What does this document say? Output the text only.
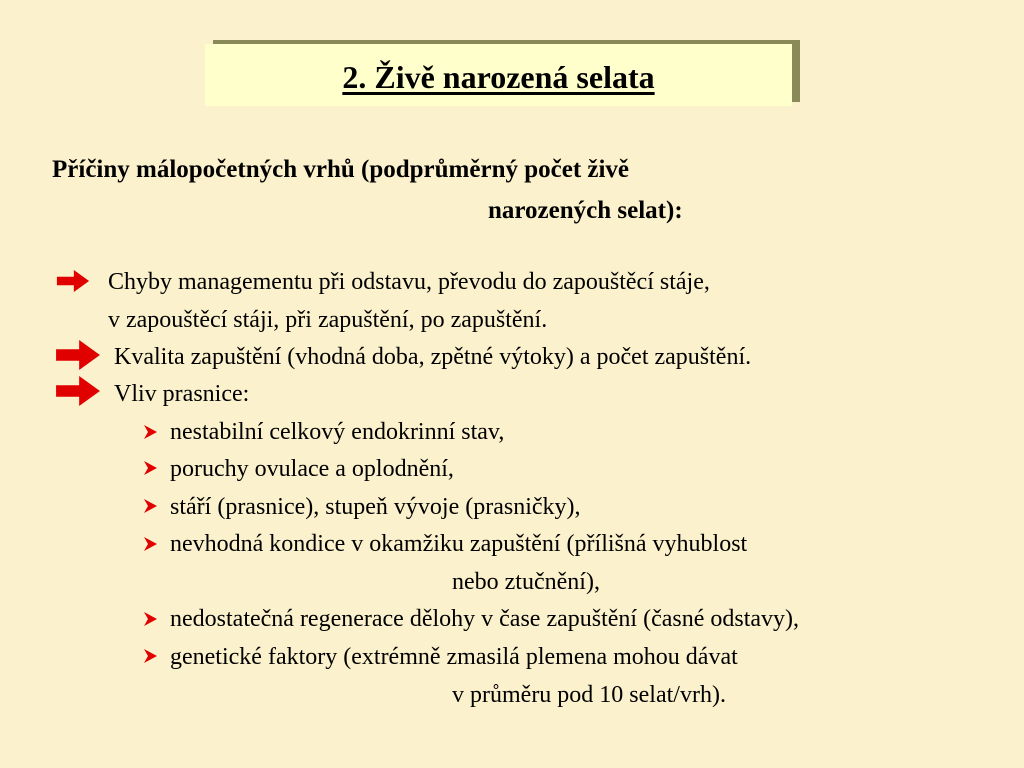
2. Živě narozená selata
Příčiny málopočetných vrhů (podprůměrný počet živě
narozených selat):
Chyby managementu při odstavu, převodu do zapouštěcí stáje,
v zapouštěcí stáji, při zapuštění, po zapuštění.
Kvalita zapuštění (vhodná doba, zpětné výtoky) a počet zapuštění.
Vliv prasnice:
nestabilní celkový endokrinní stav,
poruchy ovulace a oplodnění,
stáří (prasnice), stupeň vývoje (prasničky),
nevhodná kondice v okamžiku zapuštění (přílišná vyhublost
nebo ztučnění),
nedostatečná regenerace dělohy v čase zapuštění (časné odstavy),
genetické faktory (extrémně zmasilá plemena mohou dávat
v průměru pod 10 selat/vrh).
